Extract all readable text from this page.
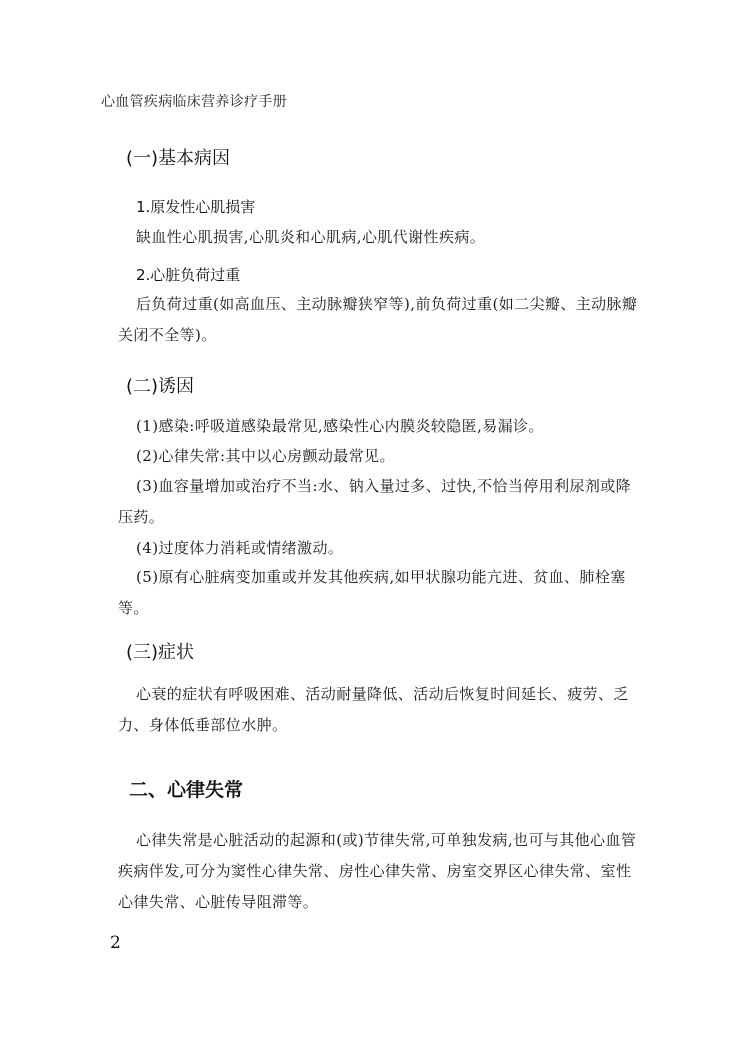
心血管疾病临床营养诊疗手册
(一)基本病因
1.原发性心肌损害
缺血性心肌损害,心肌炎和心肌病,心肌代谢性疾病。
2.心脏负荷过重
后负荷过重(如高血压、主动脉瓣狭窄等),前负荷过重(如二尖瓣、主动脉瓣关闭不全等)。
(二)诱因
(1)感染:呼吸道感染最常见,感染性心内膜炎较隐匿,易漏诊。
(2)心律失常:其中以心房颤动最常见。
(3)血容量增加或治疗不当:水、钠入量过多、过快,不恰当停用利尿剂或降压药。
(4)过度体力消耗或情绪激动。
(5)原有心脏病变加重或并发其他疾病,如甲状腺功能亢进、贫血、肺栓塞等。
(三)症状
心衰的症状有呼吸困难、活动耐量降低、活动后恢复时间延长、疲劳、乏力、身体低垂部位水肿。
二、心律失常
心律失常是心脏活动的起源和(或)节律失常,可单独发病,也可与其他心血管疾病伴发,可分为窦性心律失常、房性心律失常、房室交界区心律失常、室性心律失常、心脏传导阻滞等。
2
